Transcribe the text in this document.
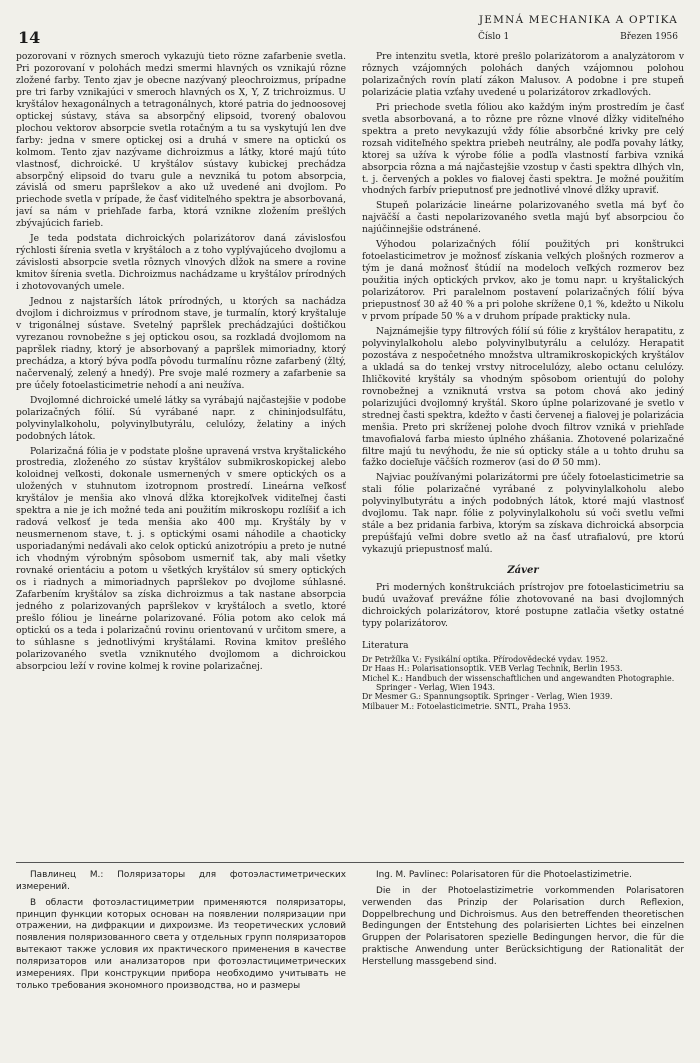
14
JEMNÁ MECHANIKA A OPTIKA
Číslo 1	Březen 1956

pozorovaní v rôznych smeroch vykazujú tieto rôzne zafarbenie svetla. Pri pozorovaní v polohách medzi smermi hlavných os vznikajú rôzne zložené farby. Tento zjav je obecne nazývaný pleochroizmus, prípadne pre tri farby vznikajúci v smeroch hlavných os X, Y, Z trichroizmus. U kryštálov hexagonálnych a tetragonálnych, ktoré patria do jednoosovej optickej sústavy, stáva sa absorpčný elipsoid, tvorený obalovou plochou vektorov absorpcie svetla rotačným a tu sa vyskytujú len dve farby: jedna v smere optickej osi a druhá v smere na optickú os kolmom. Tento zjav nazývame dichroizmus a látky, ktoré majú túto vlastnosť, dichroické. U kryštálov sústavy kubickej prechádza absorpčný elipsoid do tvaru gule a nevzniká tu potom absorpcia, závislá od smeru papršlekov a ako už uvedené ani dvojlom. Po priechode svetla v prípade, že časť viditeľného spektra je absorbovaná, javí sa nám v priehľade farba, ktorá vznikne zložením prešlých zbývajúcich farieb.

Je teda podstata dichroických polarizátorov daná závislosťou rýchlosti šírenia svetla v kryštáloch a z toho vyplývajúceho dvojlomu a závislosti absorpcie svetla rôznych vlnových dĺžok na smere a rovine kmitov šírenia svetla. Dichroizmus nachádzame u kryštálov prírodných i zhotovovaných umele.

Jednou z najstarších látok prírodných, u ktorých sa nachádza dvojlom i dichroizmus v prírodnom stave, je turmalín, ktorý kryštaluje v trigonálnej sústave. Svetelný papršlek prechádzajúci doštičkou vyrezanou rovnobežne s jej optickou osou, sa rozkladá dvojlomom na papršlek riadny, ktorý je absorbovaný a papršlek mimoriadny, ktorý prechádza, a ktorý býva podľa pôvodu turmalínu rôzne zafarbený (žltý, načervenalý, zelený a hnedý). Pre svoje malé rozmery a zafarbenie sa pre účely fotoelasticimetrie nehodí a ani neužíva.

Dvojlomné dichroické umelé látky sa vyrábajú najčastejšie v podobe polarizačných fólií. Sú vyrábané napr. z chininjodsulfátu, polyvinylalkoholu, polyvinylbutyrálu, celulózy, želatiny a iných podobných látok.

Polarizačná fólia je v podstate plošne upravená vrstva kryštalického prostredia, zloženého zo sústav kryštálov submikroskopickej alebo koloidnej veľkosti, dokonale usmernených v smere optických os a uložených v stuhnutom izotropnom prostredí. Lineárna veľkosť kryštálov je menšia ako vlnová dĺžka ktorejkoľvek viditeľnej časti spektra a nie je ich možné teda ani použitím mikroskopu rozlíšiť a ich radová veľkosť je teda menšia ako 400 mμ. Kryštály by v neusmernenom stave, t. j. s optickými osami náhodile a chaoticky usporiadanými nedávali ako celok optickú anizotrópiu a preto je nutné ich vhodným výrobným spôsobom usmerniť tak, aby mali všetky rovnaké orientáciu a potom u všetkých kryštálov sú smery optických os i riadnych a mimoriadnych papršlekov po dvojlome súhlasné. Zafarbením kryštálov sa získa dichroizmus a tak nastane absorpcia jedného z polarizovaných papršlekov v kryštáloch a svetlo, ktoré prešlo fóliou je lineárne polarizované. Fólia potom ako celok má optickú os a teda i polarizačnú rovinu orientovanú v určitom smere, a to súhlasne s jednotlivými kryštálami. Rovina kmitov prešlého polarizovaného svetla vzniknutého dvojlomom a dichroickou absorpciou leží v rovine kolmej k rovine polarizačnej.

Pre intenzitu svetla, ktoré prešlo polarizátorom a analyzátorom v rôznych vzájomných polohách daných vzájomnou polohou polarizačných rovín platí zákon Malusov. A podobne i pre stupeň polarizácie platia vzťahy uvedené u polarizátorov zrkadlových.

Pri priechode svetla fóliou ako každým iným prostredím je časť svetla absorbovaná, a to rôzne pre rôzne vlnové dĺžky viditeľného spektra a preto nevykazujú vždy fólie absorbčné krivky pre celý rozsah viditeľného spektra priebeh neutrálny, ale podľa povahy látky, ktorej sa užíva k výrobe fólie a podľa vlastností farbiva vzniká absorpcia rôzna a má najčastejšie vzostup v časti spektra dlhých vln, t. j. červených a pokles vo fialovej časti spektra. Je možné použitím vhodných farbív prieputnosť pre jednotlivé vlnové dĺžky upraviť.

Stupeň polarizácie lineárne polarizovaného svetla má byť čo najväčší a časti nepolarizovaného svetla majú byť absorpciou čo najúčinnejšie odstránené.

Výhodou polarizačných fólií použitých pri konštrukci fotoelasticimetrov je možnosť získania veľkých plošných rozmerov a tým je daná možnosť štúdií na modeloch veľkých rozmerov bez použitia iných optických prvkov, ako je tomu napr. u kryštalických polarizátorov. Pri paralelnom postavení polarizačných fólií býva priepustnosť 30 až 40 % a pri polohe skrížene 0,1 %, kdežto u Nikolu v prvom prípade 50 % a v druhom prípade prakticky nula.

Najznámejšie typy filtrových fólií sú fólie z kryštálov herapatitu, z polyvinylalkoholu alebo polyvinylbutyrálu a celulózy. Herapatit pozostáva z nespočetného množstva ultramikroskopických kryštálov a ukladá sa do tenkej vrstvy nitrocelulózy, alebo octanu celulózy. Ihličkovité kryštály sa vhodným spôsobom orientujú do polohy rovnobežnej a vzniknutá vrstva sa potom chová ako jediný polarizujúci dvojlomný kryštál. Skoro úplne polarizované je svetlo v strednej časti spektra, kdežto v časti červenej a fialovej je polarizácia menšia. Preto pri skríženej polohe dvoch filtrov vzniká v priehľade tmavofialová farba miesto úplného zhášania. Zhotovené polarizačné filtre majú tu nevýhodu, že nie sú opticky stále a u tohto druhu sa ťažko docieľuje väčších rozmerov (asi do Ø 50 mm).

Najviac používanými polarizátormi pre účely fotoelasticimetrie sa stali fólie polarizačné vyrábané z polyvinylalkoholu alebo polyvinylbutyrátu a iných podobných látok, ktoré majú vlastnosť dvojlomu. Tak napr. fólie z polyvinylalkoholu sú voči svetlu veľmi stále a bez pridania farbiva, ktorým sa získava dichroická absorpcia prepúšťajú veľmi dobre svetlo až na časť utrafialovú, pre ktorú vykazujú priepustnosť malú.

Záver

Pri moderných konštrukciách prístrojov pre fotoelasticimetriu sa budú uvažovať prevážne fólie zhotovované na basi dvojlomných dichroických polarizátorov, ktoré postupne zatlačia všetky ostatné typy polarizátorov.

Literatura
Dr Petržílka V.: Fysikální optika. Přírodovědecké vydav. 1952.
Dr Haas H.: Polarisationsoptik. VEB Verlag Technik, Berlin 1953.
Michel K.: Handbuch der wissenschaftlichen und angewandten Photographie. Springer - Verlag, Wien 1943.
Dr Mesmer G.: Spannungsoptik. Springer - Verlag, Wien 1939.
Milbauer M.: Fotoelasticimetrie. SNTL, Praha 1953.

Павлинец М.: Поляризаторы для фотоэластиметрических измерений.

В области фотоэластициметрии применяются поляризаторы, принцип функции которых основан на появлении поляризации при отражении, на дифракции и дихроизме. Из теоретических условий появления поляризованного света у отдельных групп поляризаторов вытекают также условия их практического применения в качестве поляризаторов или анализаторов при фотоэластициметрических измерениях. При конструкции прибора необходимо учитывать не только требования экономного производства, но и размеры

Ing. M. Pavlinec: Polarisatoren für die Photoelastizimetrie.

Die in der Photoelastizimetrie vorkommenden Polarisatoren verwenden das Prinzip der Polarisation durch Reflexion, Doppelbrechung und Dichroismus. Aus den betreffenden theoretischen Bedingungen der Entstehung des polarisierten Lichtes bei einzelnen Gruppen der Polarisatoren spezielle Bedingungen hervor, die für die praktische Anwendung unter Berücksichtigung der Rationalität der Herstellung massgebend sind.
